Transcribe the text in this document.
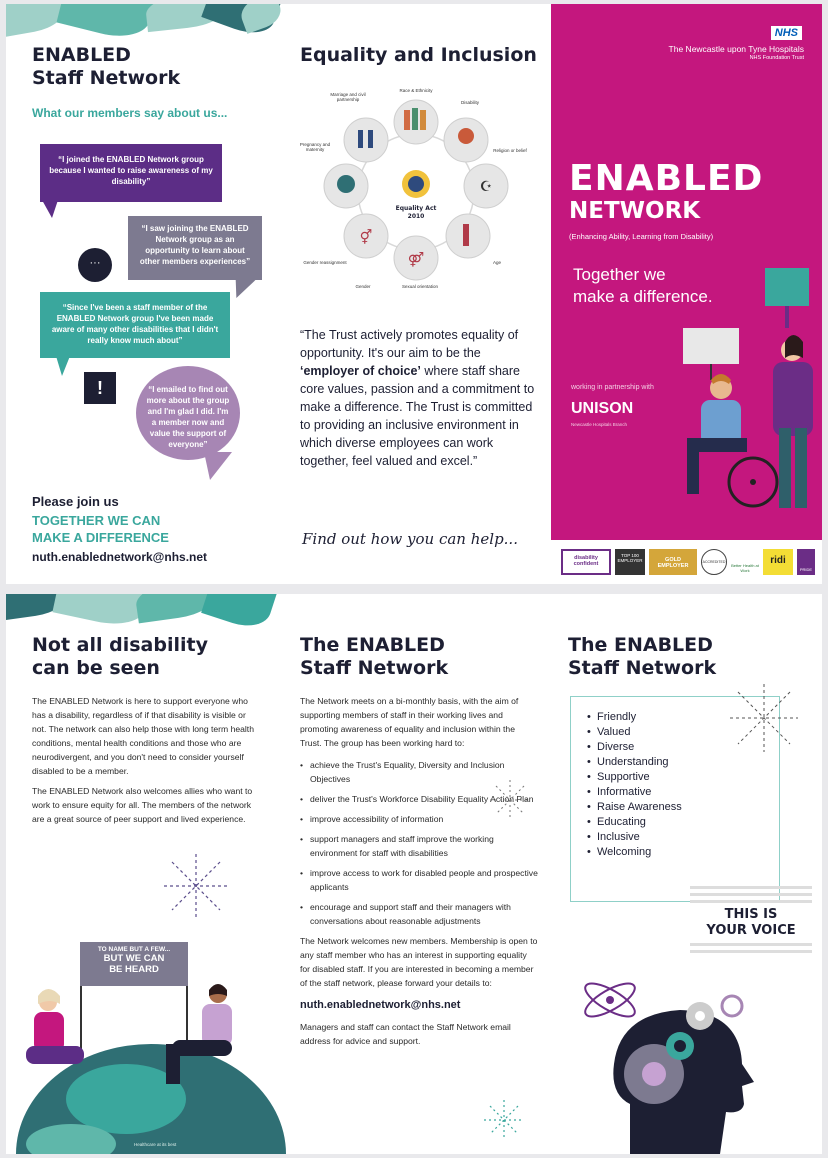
ENABLED
Staff Network
What our members say about us...
“I joined the ENABLED Network group because I wanted to raise awareness of my disability”
“I saw joining the ENABLED Network group as an opportunity to learn about other members experiences”
···
“Since I've been a staff member of the ENABLED Network group I've been made aware of many other disabilities that I didn't really know much about”
!	“I emailed to find out more about the group and I'm glad I did. I'm a member now and value the support of everyone”
Please join us
TOGETHER WE CAN
MAKE A DIFFERENCE
nuth.enablednetwork@nhs.net
Equality and Inclusion
☪
⚤
⚥
Equality Act
2010
Marriage and civil partnership
Race & Ethnicity
Disability
Religion or belief
Age
Sexual orientation
Gender
Gender reassignment
Pregnancy and maternity
“The Trust actively promotes equality of opportunity. It's our aim to be the ‘employer of choice’ where staff share core values, passion and a commitment to make a difference. The Trust is committed to providing an inclusive environment in which diverse employees can work together, feel valued and excel.”
Find out how you can help...
NHS
The Newcastle upon Tyne Hospitals
NHS Foundation Trust
ENABLED
NETWORK
(Enhancing Ability, Learning from Disability)
Together we
make a difference.
working in partnership with
UNISON
Newcastle Hospitals Branch
disability confident
TOP 100 EMPLOYER	GOLD EMPLOYER
ACCREDITED
Better Health at Work
ridi
PRIDE
Not all disability
can be seen

The ENABLED Network is here to support everyone who has a disability, regardless of if that disability is visible or not. The network can also help those with long term health conditions, mental health conditions and those who are neurodivergent, and you don't need to consider yourself disabled to be a member.

The ENABLED Network also welcomes allies who want to work to ensure equity for all. The members of the network are a great source of peer support and lived experience.

TO NAME BUT A FEW...
BUT WE CAN
BE HEARD
Healthcare at its best
The ENABLED
Staff Network

The Network meets on a bi-monthly basis, with the aim of supporting members of staff in their working lives and promoting awareness of equality and inclusion within the Trust. The group has been working hard to:

• achieve the Trust's Equality, Diversity and Inclusion Objectives
• deliver the Trust's Workforce Disability Equality Action Plan
• improve accessibility of information
• support managers and staff improve the working environment for staff with disabilities
• improve access to work for disabled people and prospective applicants
• encourage and support staff and their managers with conversations about reasonable adjustments

The Network welcomes new members. Membership is open to any staff member who has an interest in supporting equality for disabled staff. If you are interested in becoming a member of the staff network, please forward your details to:

nuth.enablednetwork@nhs.net

Managers and staff can contact the Staff Network email address for advice and support.

The ENABLED
Staff Network
• Friendly
• Valued
• Diverse
• Understanding
• Supportive
• Informative
• Raise Awareness
• Educating
• Inclusive
• Welcoming
THIS IS
YOUR VOICE
